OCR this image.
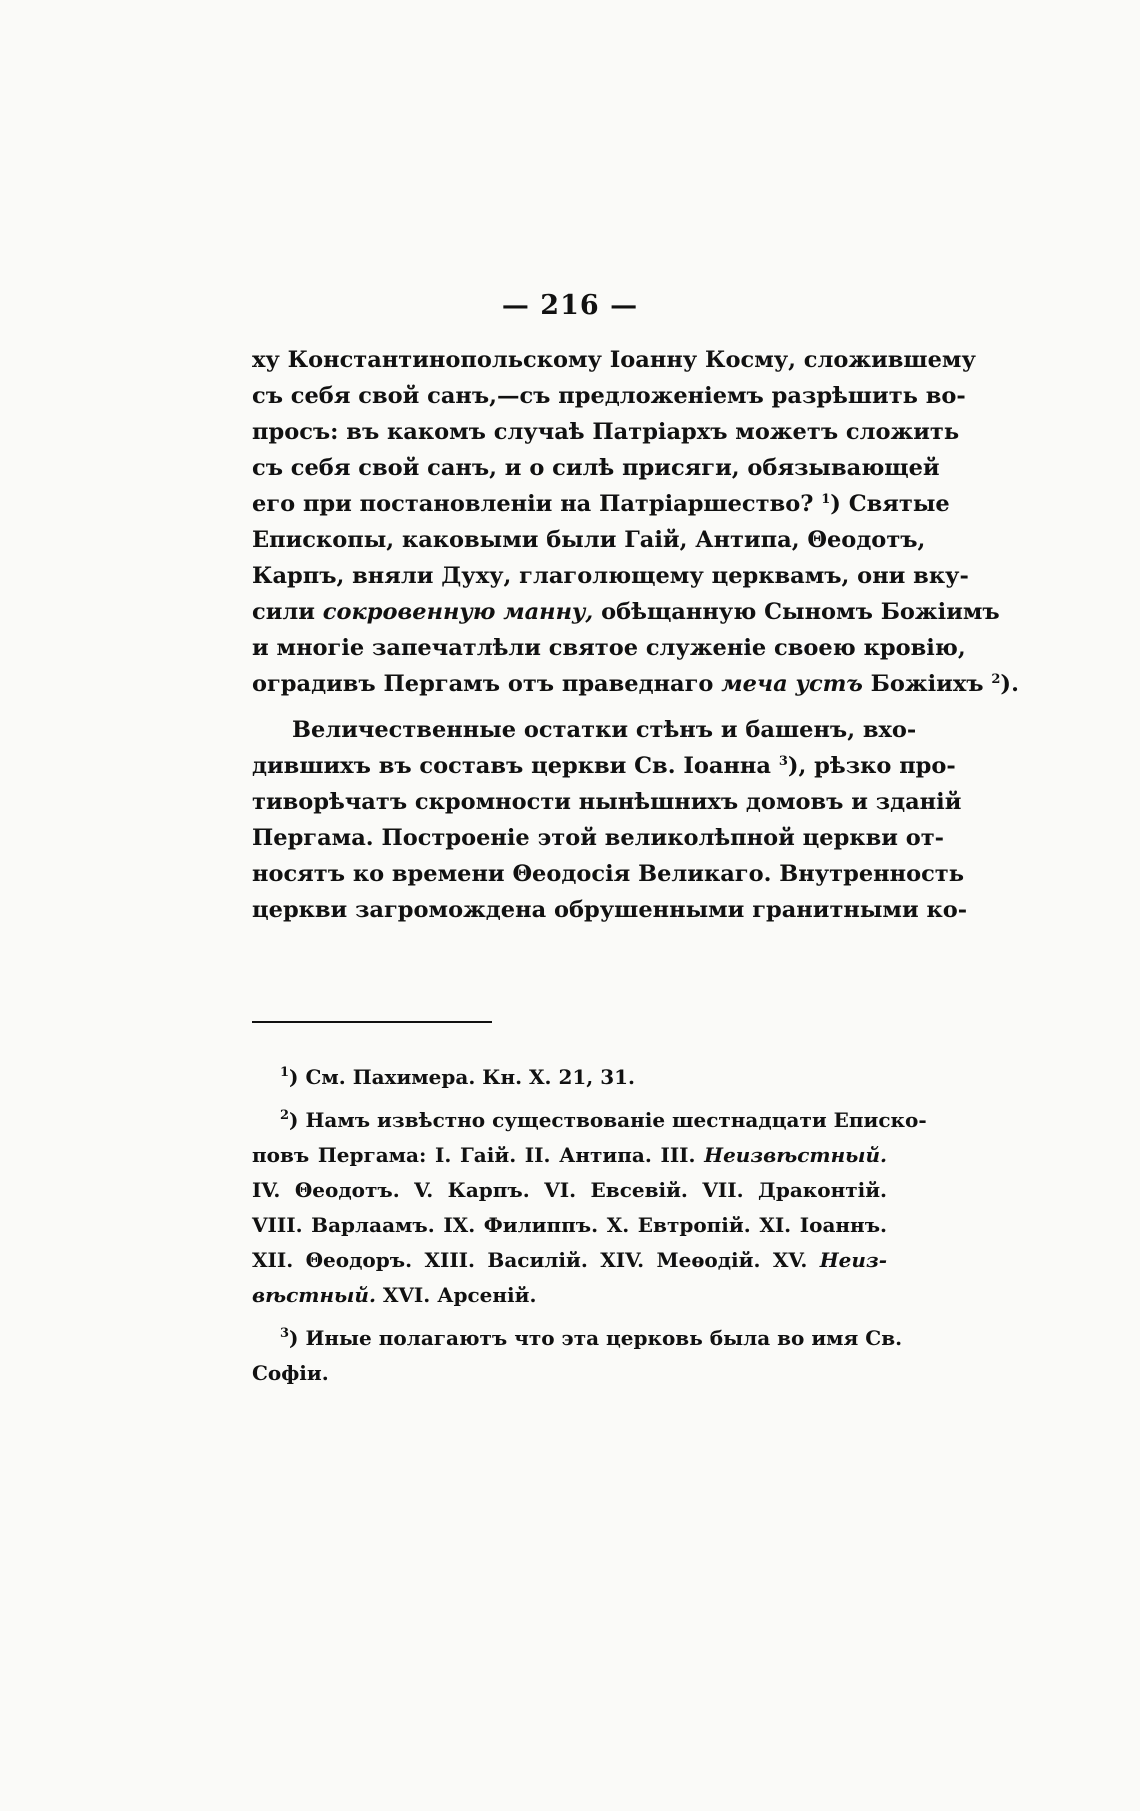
— 216 —
ху Константинопольскому Іоанну Косму, сложившему
съ себя свой санъ,—съ предложеніемъ разрѣшить во-
просъ: въ какомъ случаѣ Патріархъ можетъ сложить
съ себя свой санъ, и о силѣ присяги, обязывающей
его при постановленіи на Патріаршество? $^1$) Святые
Епископы, каковыми были Гаій, Антипа, Θеодотъ,
Карпъ, вняли Духу, глаголющему церквамъ, они вку-
сили сокровенную манну, обѣщанную Сыномъ Божіимъ
и многіе запечатлѣли святое служеніе своею кровію,
оградивъ Пергамъ отъ праведнаго меча устъ Божіихъ $^2$).
Величественные остатки стѣнъ и башенъ, вхо-
дившихъ въ составъ церкви Св. Іоанна $^3$), рѣзко про-
тиворѣчатъ скромности нынѣшнихъ домовъ и зданій
Пергама. Построеніе этой великолѣпной церкви от-
носятъ ко времени Θеодосія Великаго. Внутренность
церкви загромождена обрушенными гранитными ко-
$^1$) См. Пахимера. Кн. X. 21, 31.
$^2$) Намъ извѣстно существованіе шестнадцати Еписко-
повъ Пергама: I. Гаій. II. Антипа. III. Неизвѣстный.
IV. Θеодотъ. V. Карпъ. VI. Евсевій. VII. Драконтій.
VIII. Варлаамъ. IX. Филиппъ. X. Евтропій. XI. Іоаннъ.
XII. Θеодоръ. XIII. Василій. XIV. Меѳодій. XV. Неиз-
вѣстный. XVI. Арсеній.
$^3$) Иные полагаютъ что эта церковь была во имя Св.
Софіи.
